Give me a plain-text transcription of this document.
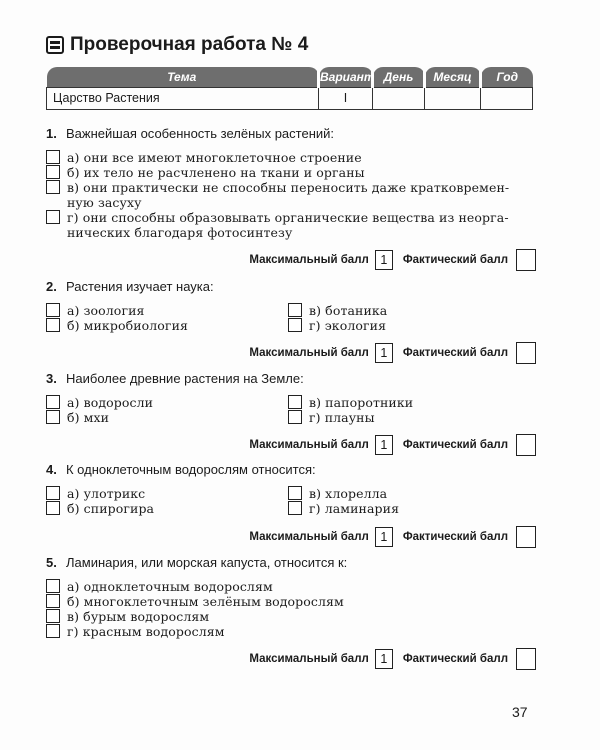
Проверочная работа № 4
Тема	Вариант	День	Месяц	Год
Царство Растения	I			
1. Важнейшая особенность зелёных растений:
а) они все имеют многоклеточное строение
б) их тело не расчленено на ткани и органы
в) они практически не способны переносить даже кратковремен-
ную засуху
г) они способны образовывать органические вещества из неорга-
нических благодаря фотосинтезу
Максимальный балл 1	Фактический балл
2. Растения изучает наука:
а) зоология
б) микробиология
в) ботаника
г) экология
Максимальный балл 1	Фактический балл
3. Наиболее древние растения на Земле:
а) водоросли
б) мхи
в) папоротники
г) плауны
Максимальный балл 1	Фактический балл
4. К одноклеточным водорослям относится:
а) улотрикс
б) спирогира
в) хлорелла
г) ламинария
Максимальный балл 1	Фактический балл
5. Ламинария, или морская капуста, относится к:
а) одноклеточным водорослям
б) многоклеточным зелёным водорослям
в) бурым водорослям
г) красным водорослям
Максимальный балл 1	Фактический балл
37
